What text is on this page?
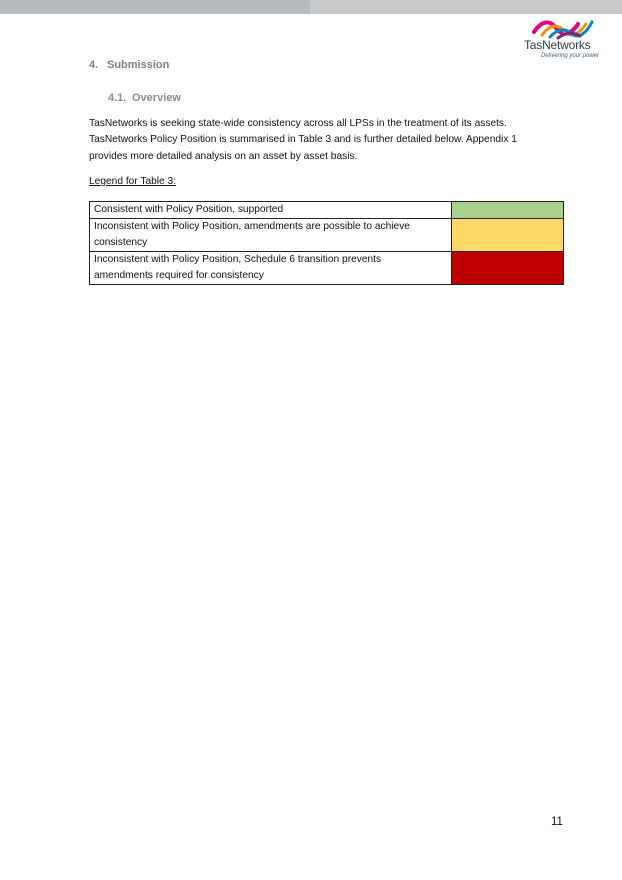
TasNetworks
Delivering your power
4. Submission
4.1. Overview
TasNetworks is seeking state-wide consistency across all LPSs in the treatment of its assets.
TasNetworks Policy Position is summarised in Table 3 and is further detailed below. Appendix 1
provides more detailed analysis on an asset by asset basis.
Legend for Table 3:
Consistent with Policy Position, supported	

Inconsistent with Policy Position, amendments are possible to achieve
consistency	

Inconsistent with Policy Position, Schedule 6 transition prevents
amendments required for consistency	

11
